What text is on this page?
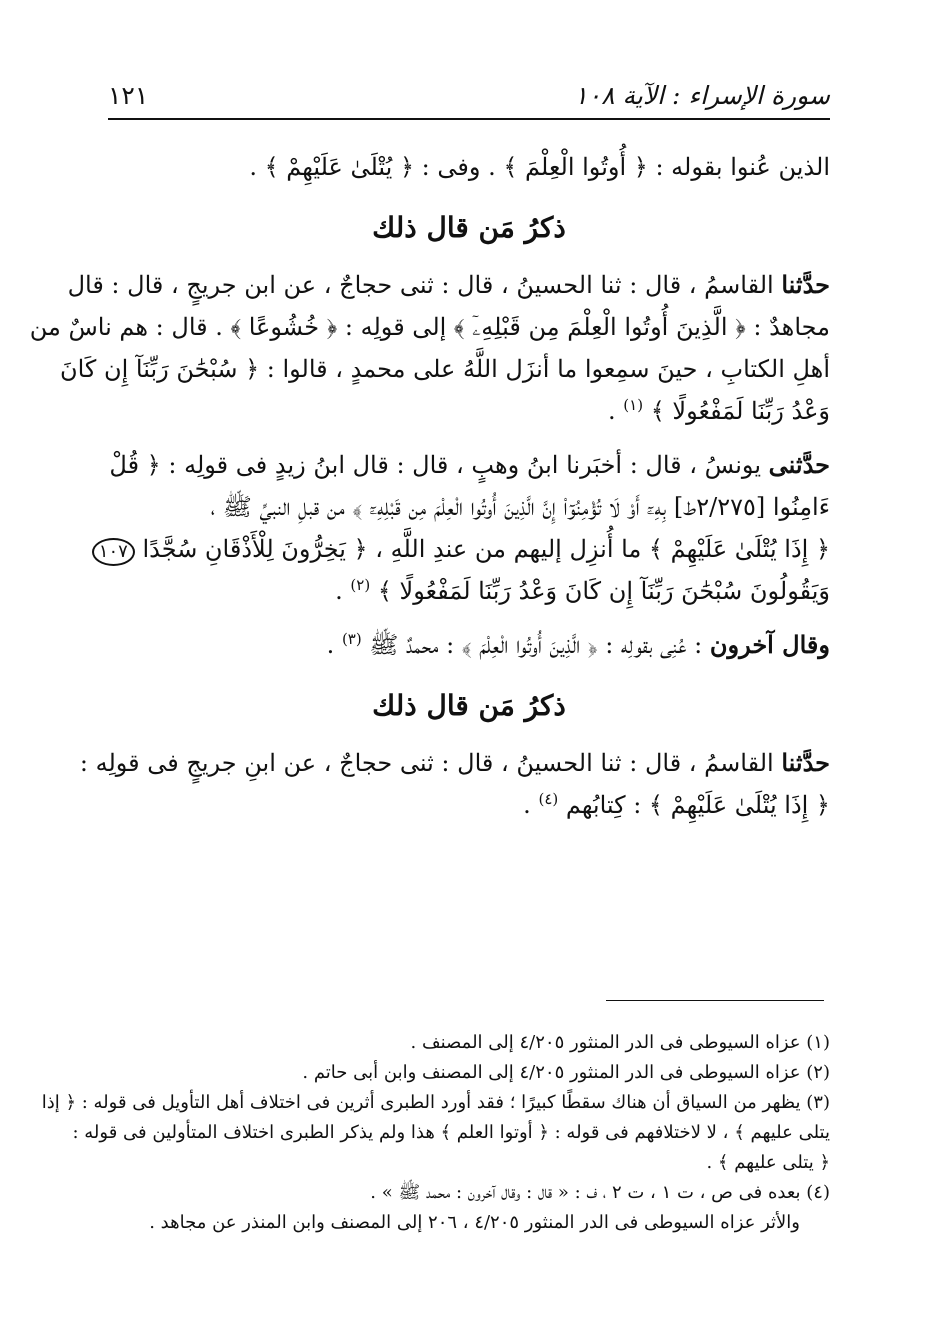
سورة الإسراء : الآية ١٠٨
١٢١
الذين عُنوا بقوله : ﴿ أُوتُوا الْعِلْمَ ﴾ . وفى : ﴿ يُتْلَىٰ عَلَيْهِمْ ﴾ .
ذكرُ مَن قال ذلك
حدَّثنا القاسمُ ، قال : ثنا الحسينُ ، قال : ثنى حجاجٌ ، عن ابن جريجٍ ، قال : قال
مجاهدٌ : ﴿ الَّذِينَ أُوتُوا الْعِلْمَ مِن قَبْلِهِۦٓ ﴾ إلى قولِه : ﴿ خُشُوعًا ﴾ . قال : هم ناسٌ من
أهلِ الكتابِ ، حينَ سمِعوا ما أنزَل اللَّهُ على محمدٍ ، قالوا : ﴿ سُبْحَٰنَ رَبِّنَآ إِن كَانَ
وَعْدُ رَبِّنَا لَمَفْعُولًا ﴾ $^{(١)}$ .
حدَّثنى يونسُ ، قال : أخبَرنا ابنُ وهبٍ ، قال : قال ابنُ زيدٍ فى قولِه : ﴿ قُلْ
ءَامِنُوا [٢/٢٧٥ط] بِهِۦٓ أَوْ لَا تُؤْمِنُوٓاْ إِنَّ الَّذِينَ أُوتُوا الْعِلْمَ مِن قَبْلِهِۦٓ ﴾ من قبلِ النبيِّ ﷺ ،
﴿ إِذَا يُتْلَىٰ عَلَيْهِمْ ﴾ ما أُنزِل إليهم من عندِ اللَّهِ ، ﴿ يَخِرُّونَ لِلْأَذْقَانِ سُجَّدًا ١٠٧
وَيَقُولُونَ سُبْحَٰنَ رَبِّنَآ إِن كَانَ وَعْدُ رَبِّنَا لَمَفْعُولًا ﴾ $^{(٢)}$ .
وقال آخرون : عُنِى بقولِه : ﴿ الَّذِينَ أُوتُوا الْعِلْمَ ﴾ : محمدٌ ﷺ $^{(٣)}$ .
ذكرُ مَن قال ذلك
حدَّثنا القاسمُ ، قال : ثنا الحسينُ ، قال : ثنى حجاجٌ ، عن ابنِ جريجٍ فى قولِه :
﴿ إِذَا يُتْلَىٰ عَلَيْهِمْ ﴾ : كِتابُهم $^{(٤)}$ .
(١) عزاه السيوطى فى الدر المنثور ٤/٢٠٥ إلى المصنف .
(٢) عزاه السيوطى فى الدر المنثور ٤/٢٠٥ إلى المصنف وابن أبى حاتم .
(٣) يظهر من السياق أن هناك سقطًا كبيرًا ؛ فقد أورد الطبرى أثرين فى اختلاف أهل التأويل فى قوله : ﴿ إذا
يتلى عليهم ﴾ ، لا لاختلافهم فى قوله : ﴿ أوتوا العلم ﴾ هذا ولم يذكر الطبرى اختلاف المتأولين فى قوله :
﴿ يتلى عليهم ﴾ .
(٤) بعده فى ص ، ت ١ ، ت ٢ ، ف : « قال : وقال آخرون : محمد ﷺ » .
والأثر عزاه السيوطى فى الدر المنثور ٤/٢٠٥ ، ٢٠٦ إلى المصنف وابن المنذر عن مجاهد .
